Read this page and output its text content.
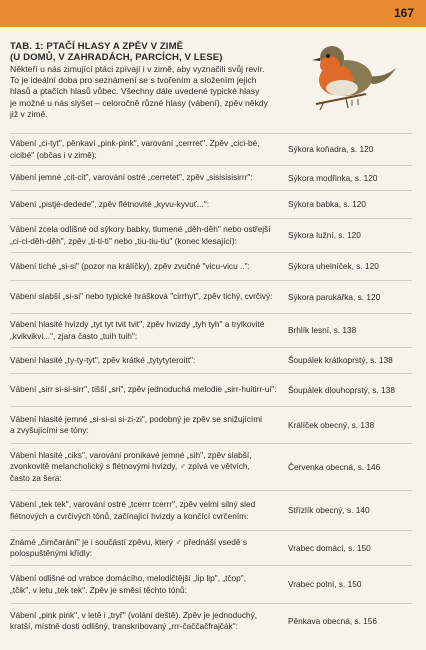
167
TAB. 1: PTAČÍ HLASY A ZPĚV V ZIMĚ
(U DOMŮ, V ZAHRADÁCH, PARCÍCH, V LESE)
Někteří u nás zimující ptáci zpívají i v zimě, aby vyznačili svůj revír.
To je ideální doba pro seznámení se s tvořením a složením jejich
hlasů a ptačích hlasů vůbec. Všechny dále uvedené typické hlasy
je možné u nás slyšet – celoročně různé hlasy (vábení), zpěv někdy
již v zimě.
Vábení „ci-tyt", pěnkaví „pink-pink", varování „cerrret". Zpěv „cici-bé,
cicibé" (občas i v zimě):
Sýkora koňadra, s. 120
Vábení jemné „cit-cit", varování ostré „cerretet", zpěv „sisisisisirrr":	Sýkora modřinka, s. 120
Vábení „pistjé-dedede", zpěv flétnovité „kyvu-kyvuť...":	Sýkora babka, s. 120
Vábení zcela odlišné od sýkory babky, tlumené „děh-děh" nebo ostřejší
„ci-ci-děh-děh", zpěv „ti-ti-ti" nebo „tiu-tiu-tiu" (konec klesající):
Sýkora lužní, s. 120
Vábení tiché „si-si" (pozor na králíčky), zpěv zvučné "vicu-vicu ..":	Sýkora uhelníček, s. 120
Vábení slabší „si-si" nebo typické hrášková "cirrhyt", zpěv tichý, cvrčivý:	Sýkora parukářka, s. 120
Vábení hlasité hvizdy „tyt tyt tvit tvit", zpěv hvizdy „tyh tyh" a trylkovité
„kvikvikvi...", zjara často „tuih tuih":
Brhlík lesní, s. 138
Vábení hlasité „ty-ty-tyt", zpěv krátké „tytytyteroitt":	Šoupálek krátkoprstý, s. 138
Vábení „sirr si-si-sirr", tišší „sri", zpěv jednoduchá melodie „sirr-huitirr-ui":	Šoupálek dlouhoprstý, s. 138
Vábení hlasité jemné „si-si-si si-zi-zi", podobný je zpěv se snižujícími
a zvyšujícími se tóny:
Králíček obecný, s. 138
Vábení hlasité „ciks", varování pronikavé jemné „sih", zpěv slabší,
zvonkovitě melancholický s flétnovými hvizdy, ♂ zpívá ve větvích,
často za šera:
Červenka obecná, s. 146
Vábení „tek tek", varování ostré „tcerrr tcerrr", zpěv velmi silný sled
flétnových a cvrčivých tónů, začínající hvizdy a končící cvrčením:
Střízlík obecný, s. 140
Známé „čimčarání" je i součástí zpěvu, který ♂ přednáší vsedě s polospuštěnými křídly:
Vrabec domácí, s. 150
Vábení odlišné od vrabce domácího, melodičtější „lip lip", „tčop",
„tčik", v letu „tek tek". Zpěv je směsí těchto tónů:
Vrabec polní, s. 150
Vábení „pink pink", v letě i „tryř" (volání deště). Zpěv je jednoduchý,
kratší, místně dosti odlišný, transkribovaný „rrr-čaččačfrajčák":
Pěnkava obecná, s. 156
